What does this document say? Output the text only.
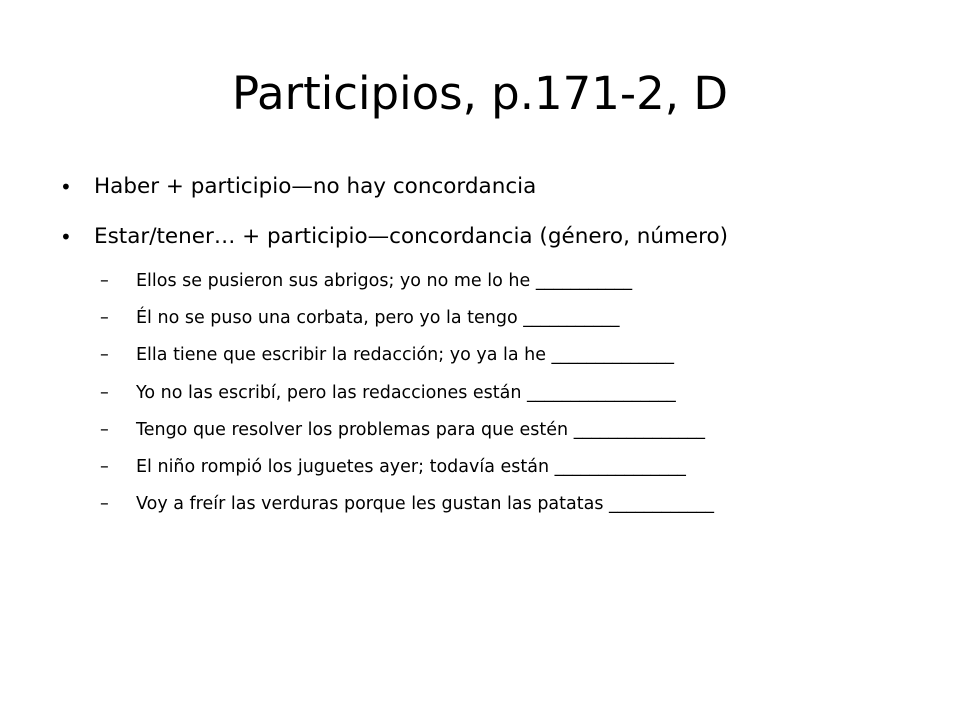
Participios, p.171-2, D
• Haber + participio—no hay concordancia
• Estar/tener… + participio—concordancia (género, número)
– Ellos se pusieron sus abrigos; yo no me lo he ___________
– Él no se puso una corbata, pero yo la tengo ___________
– Ella tiene que escribir la redacción; yo ya la he ______________
– Yo no las escribí, pero las redacciones están _________________
– Tengo que resolver los problemas para que estén _______________
– El niño rompió los juguetes ayer; todavía están _______________
– Voy a freír las verduras porque les gustan las patatas ____________
